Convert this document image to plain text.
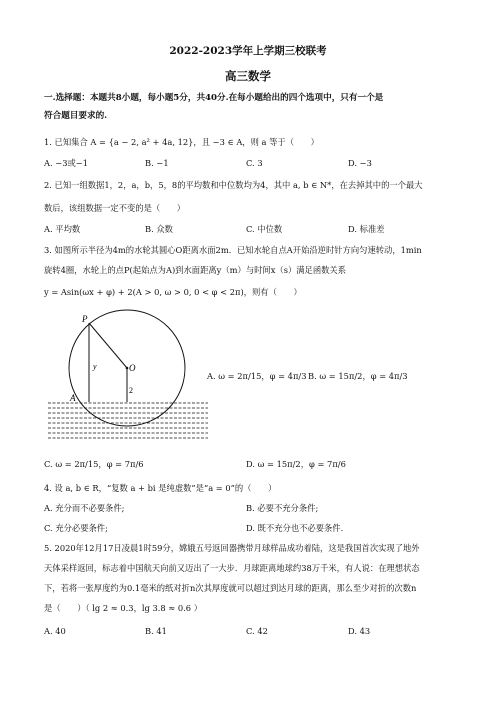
2022-2023学年上学期三校联考
高三数学
一.选择题：本题共8小题，每小题5分，共40分.在每小题给出的四个选项中，只有一个是
符合题目要求的.
1. 已知集合 A = {a − 2, a² + 4a, 12}，且 −3 ∈ A，则 a 等于（　　）
A. −3或−1	B. −1	C. 3	D. −3
2. 已知一组数据1，2，a，b，5，8的平均数和中位数均为4，其中 a, b ∈ N*，在去掉其中的一个最大
数后，该组数据一定不变的是（　　）
A. 平均数	B. 众数	C. 中位数	D. 标准差
3. 如图所示半径为4m的水轮其圆心O距离水面2m．已知水轮自点A开始沿逆时针方向匀速转动，1min
旋转4圈，水轮上的点P(起始点为A)到水面距离y（m）与时间x（s）满足函数关系
y = Asin(ωx + φ) + 2(A > 0, ω > 0, 0 < φ < 2π)，则有（　　）
P
O
y
2
A
A. ω = 2π/15，φ = 4π/3 B. ω = 15π/2，φ = 4π/3
C. ω = 2π/15，φ = 7π/6	D. ω = 15π/2，φ = 7π/6
4. 设 a, b ∈ R，“复数 a + bi 是纯虚数”是“a = 0”的（　　）
A. 充分而不必要条件;	B. 必要不充分条件;
C. 充分必要条件;	D. 既不充分也不必要条件.
5. 2020年12月17日凌晨1时59分，嫦娥五号返回器携带月球样品成功着陆，这是我国首次实现了地外
天体采样返回，标志着中国航天向前又迈出了一大步．月球距离地球约38万千米，有人说：在理想状态
下，若将一张厚度约为0.1毫米的纸对折n次其厚度就可以超过到达月球的距离，那么至少对折的次数n
是（　　）（ lg 2 ≈ 0.3，lg 3.8 ≈ 0.6 ）
A. 40	B. 41	C. 42	D. 43
